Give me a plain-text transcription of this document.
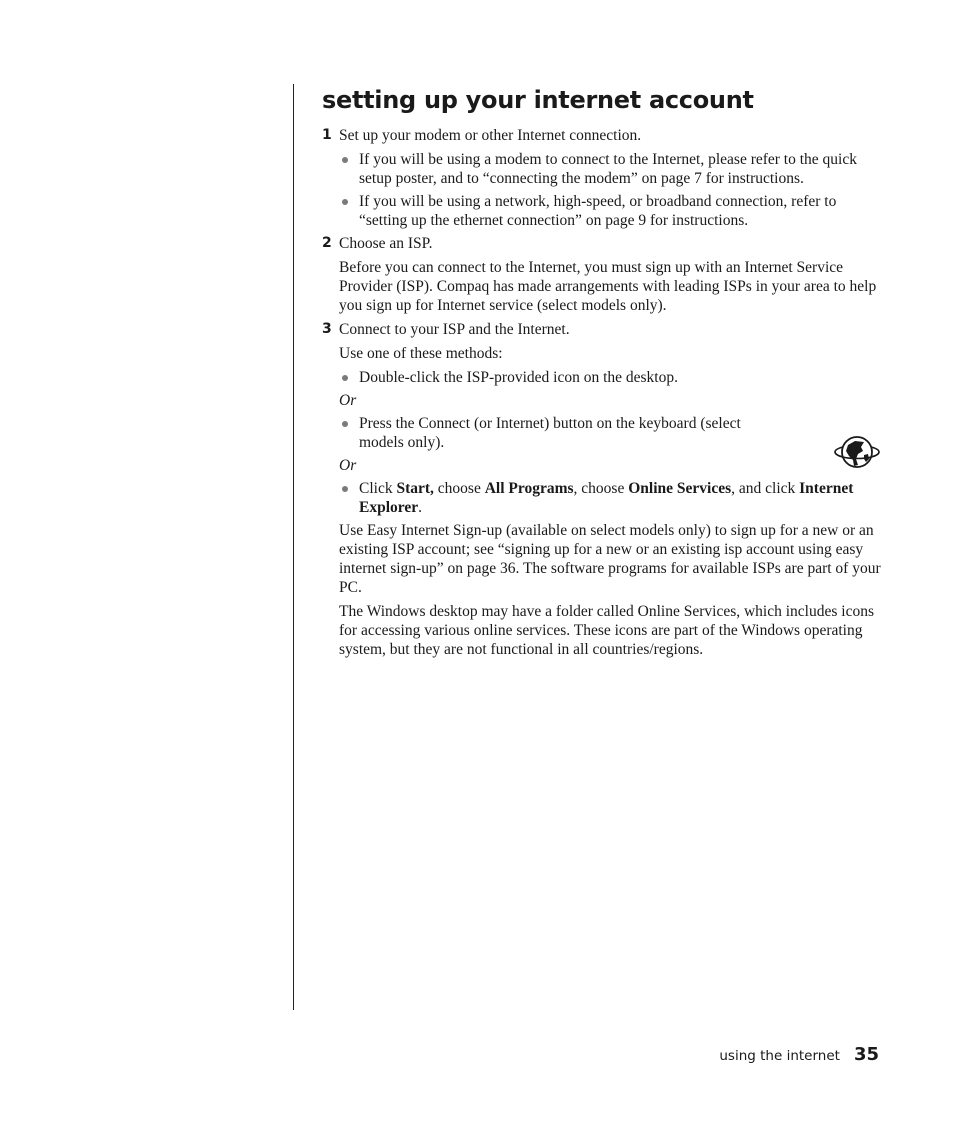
setting up your internet account
1 Set up your modem or other Internet connection.
If you will be using a modem to connect to the Internet, please refer to the quick setup poster, and to “connecting the modem” on page 7 for instructions.
If you will be using a network, high-speed, or broadband connection, refer to “setting up the ethernet connection” on page 9 for instructions.
2 Choose an ISP.
Before you can connect to the Internet, you must sign up with an Internet Service Provider (ISP). Compaq has made arrangements with leading ISPs in your area to help you sign up for Internet service (select models only).
3 Connect to your ISP and the Internet.
Use one of these methods:
Double-click the ISP-provided icon on the desktop.
Or
Press the Connect (or Internet) button on the keyboard (select models only).
Or
Click Start, choose All Programs, choose Online Services, and click Internet Explorer.
Use Easy Internet Sign-up (available on select models only) to sign up for a new or an existing ISP account; see “signing up for a new or an existing isp account using easy internet sign-up” on page 36. The software programs for available ISPs are part of your PC.
The Windows desktop may have a folder called Online Services, which includes icons for accessing various online services. These icons are part of the Windows operating system, but they are not functional in all countries/regions.
using the internet 35
